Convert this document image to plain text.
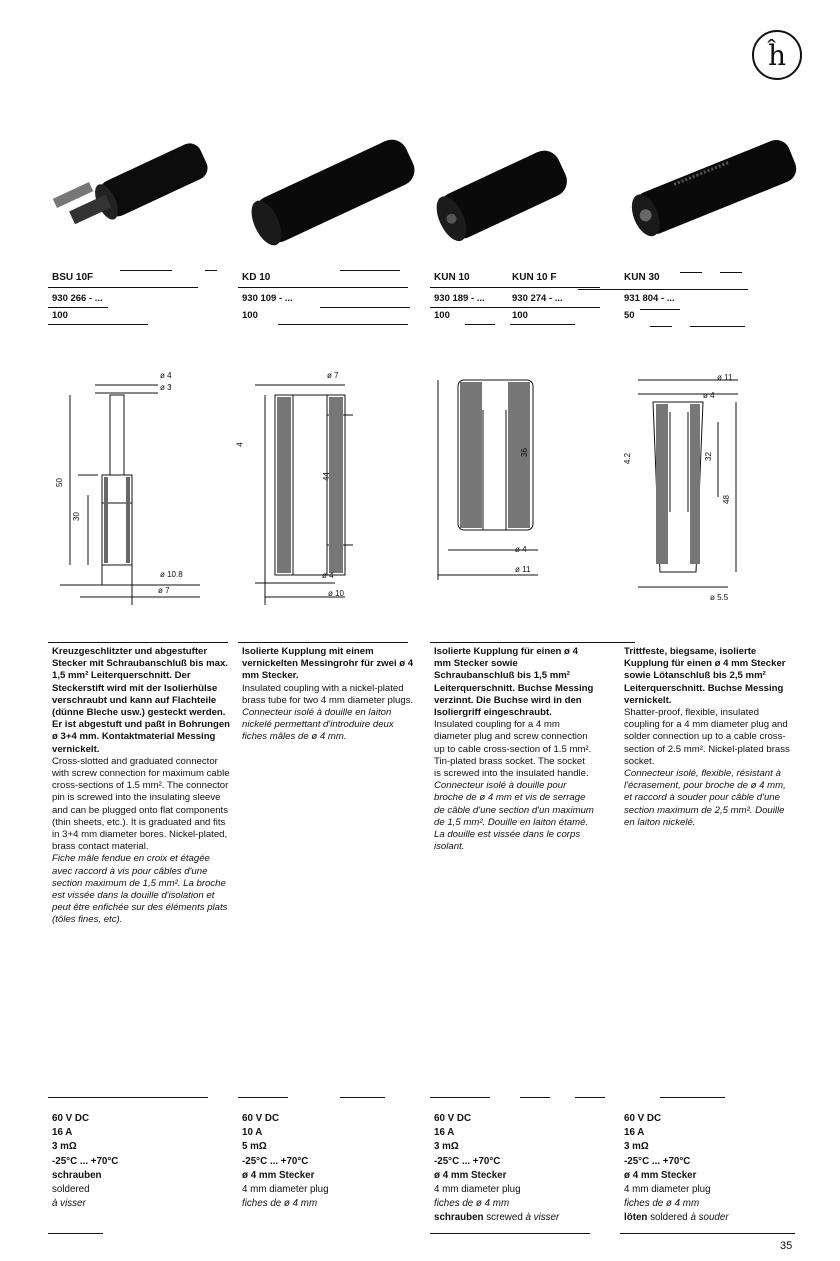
ĥ
BSU 10F	KD 10	KUN 10	KUN 10 F	KUN 30
930 266 - ...	930 109 - ...	930 189 - ...	930 274 - ...	931 804 - ...
100	100	100	100	50
ø 4
ø 3
50
30
ø 10.8
ø 7
ø 7
4
44
ø 4
ø 10
36
ø 4
ø 11
ø 11
ø 4
4.2	32
48
ø 5.5
Kreuzgeschlitzter und abgestufter Stecker mit Schraubanschluß bis max. 1,5 mm² Leiterquerschnitt. Der Steckerstift wird mit der Isolierhülse verschraubt und kann auf Flachteile (dünne Bleche usw.) gesteckt werden. Er ist abgestuft und paßt in Bohrungen ø 3+4 mm. Kontaktmaterial Messing vernickelt.
Cross-slotted and graduated connector with screw connection for maximum cable cross-sections of 1.5 mm². The connector pin is screwed into the insulating sleeve and can be plugged onto flat components (thin sheets, etc.). It is graduated and fits in 3+4 mm diameter bores. Nickel-plated, brass contact material.
Fiche mâle fendue en croix et étagée avec raccord à vis pour câbles d'une section maximum de 1,5 mm². La broche est vissée dans la douille d'isolation et peut être enfichée sur des éléments plats (tôles fines, etc).
Isolierte Kupplung mit einem vernickelten Messingrohr für zwei ø 4 mm Stecker.
Insulated coupling with a nickel-plated brass tube for two 4 mm diameter plugs.
Connecteur isolé à douille en laiton nickelé permettant d'introduire deux fiches mâles de ø 4 mm.
Isolierte Kupplung für einen ø 4 mm Stecker sowie Schraubanschluß bis 1,5 mm² Leiterquerschnitt. Buchse Messing verzinnt. Die Buchse wird in den Isoliergriff eingeschraubt.
Insulated coupling for a 4 mm diameter plug and screw connection up to cable cross-section of 1.5 mm². Tin-plated brass socket. The socket is screwed into the insulated handle.
Connecteur isolé à douille pour broche de ø 4 mm et vis de serrage de câble d'une section d'un maximum de 1,5 mm². Douille en laiton étamé. La douille est vissée dans le corps isolant.
Trittfeste, biegsame, isolierte Kupplung für einen ø 4 mm Stecker sowie Lötanschluß bis 2,5 mm² Leiterquerschnitt. Buchse Messing vernickelt.
Shatter-proof, flexible, insulated coupling for a 4 mm diameter plug and solder connection up to a cable cross-section of 2.5 mm². Nickel-plated brass socket.
Connecteur isolé, flexible, résistant à l'écrasement, pour broche de ø 4 mm, et raccord à souder pour câble d'une section maximum de 2,5 mm². Douille en laiton nickelé.
60 V DC
16 A
3 mΩ
-25°C ... +70°C
schrauben
soldered
à visser
60 V DC
10 A
5 mΩ
-25°C ... +70°C
ø 4 mm Stecker
4 mm diameter plug
fiches de ø 4 mm
60 V DC
16 A
3 mΩ
-25°C ... +70°C
ø 4 mm Stecker
4 mm diameter plug
fiches de ø 4 mm
schrauben screwed à visser
60 V DC
16 A
3 mΩ
-25°C ... +70°C
ø 4 mm Stecker
4 mm diameter plug
fiches de ø 4 mm
löten soldered à souder
35
